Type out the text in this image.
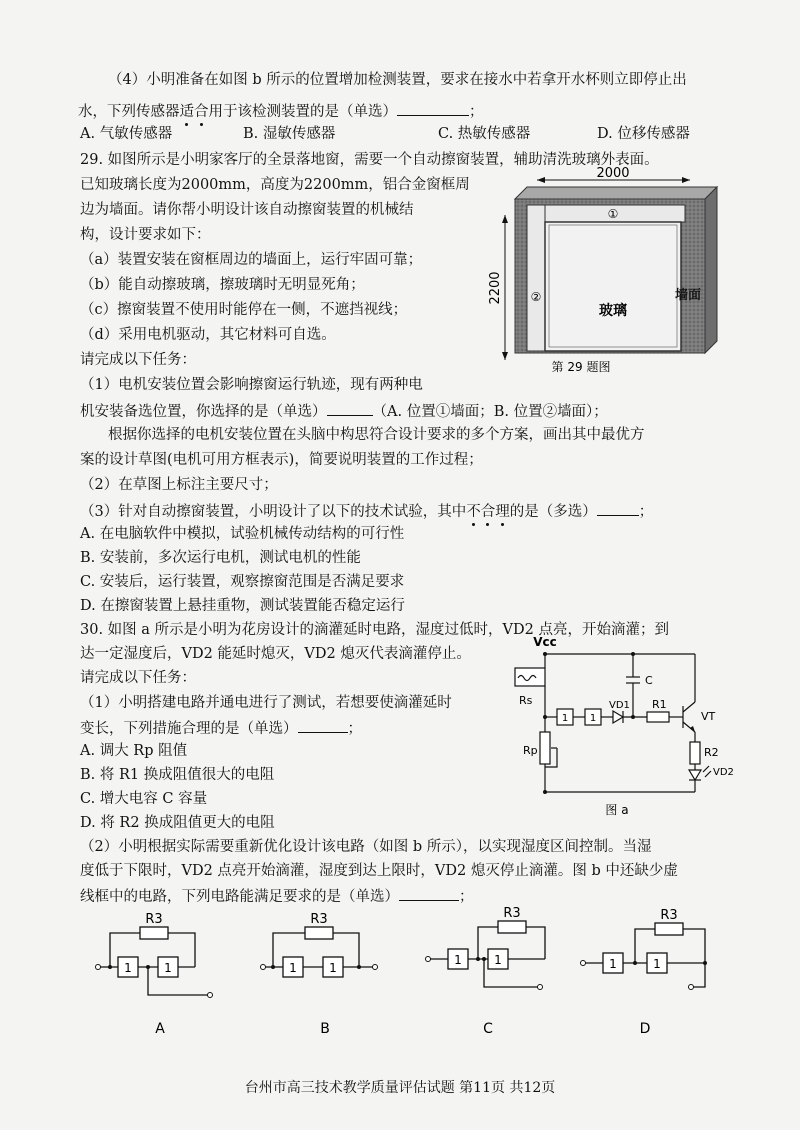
（4）小明准备在如图 b 所示的位置增加检测装置，要求在接水中若拿开水杯则立即停止出
水，下列传感器适合用于该检测装置的是（单选）	；
A. 气敏传感器	B. 湿敏传感器	C. 热敏传感器	D. 位移传感器
29. 如图所示是小明家客厅的全景落地窗，需要一个自动擦窗装置，辅助清洗玻璃外表面。
已知玻璃长度为2000mm，高度为2200mm，铝合金窗框周
边为墙面。请你帮小明设计该自动擦窗装置的机械结
构，设计要求如下：
（a）装置安装在窗框周边的墙面上，运行牢固可靠；
（b）能自动擦玻璃，擦玻璃时无明显死角；
（c）擦窗装置不使用时能停在一侧，不遮挡视线；
（d）采用电机驱动，其它材料可自选。
请完成以下任务：
（1）电机安装位置会影响擦窗运行轨迹，现有两种电
机安装备选位置，你选择的是（单选）	（A. 位置①墙面；B. 位置②墙面）；
根据你选择的电机安装位置在头脑中构思符合设计要求的多个方案，画出其中最优方
案的设计草图(电机可用方框表示)，简要说明装置的工作过程；
（2）在草图上标注主要尺寸；
（3）针对自动擦窗装置，小明设计了以下的技术试验，其中不合理的是（多选）	；
A. 在电脑软件中模拟，试验机械传动结构的可行性
B. 安装前，多次运行电机，测试电机的性能
C. 安装后，运行装置，观察擦窗范围是否满足要求
D. 在擦窗装置上悬挂重物，测试装置能否稳定运行
2000
2200
①
②
玻璃
墙面
第 29 题图
30. 如图 a 所示是小明为花房设计的滴灌延时电路，湿度过低时，VD2 点亮，开始滴灌；到
达一定湿度后，VD2 能延时熄灭，VD2 熄灭代表滴灌停止。
请完成以下任务：
（1）小明搭建电路并通电进行了测试，若想要使滴灌延时
变长，下列措施合理的是（单选）	；
A. 调大 Rp 阻值
B. 将 R1 换成阻值很大的电阻
C. 增大电容 C 容量
D. 将 R2 换成阻值更大的电阻
（2）小明根据实际需要重新优化设计该电路（如图 b 所示），以实现湿度区间控制。当湿
度低于下限时，VD2 点亮开始滴灌，湿度到达上限时，VD2 熄灭停止滴灌。图 b 中还缺少虚
线框中的电路，下列电路能满足要求的是（单选）	；
Vcc
Rs
C
VD1 R1
VT
Rp	R2
VD2
1 1
图 a
R3
1	1
A
R3
1	1
B
R3
1	1
C
R3
1	1
D
台州市高三技术教学质量评估试题 第11页 共12页
